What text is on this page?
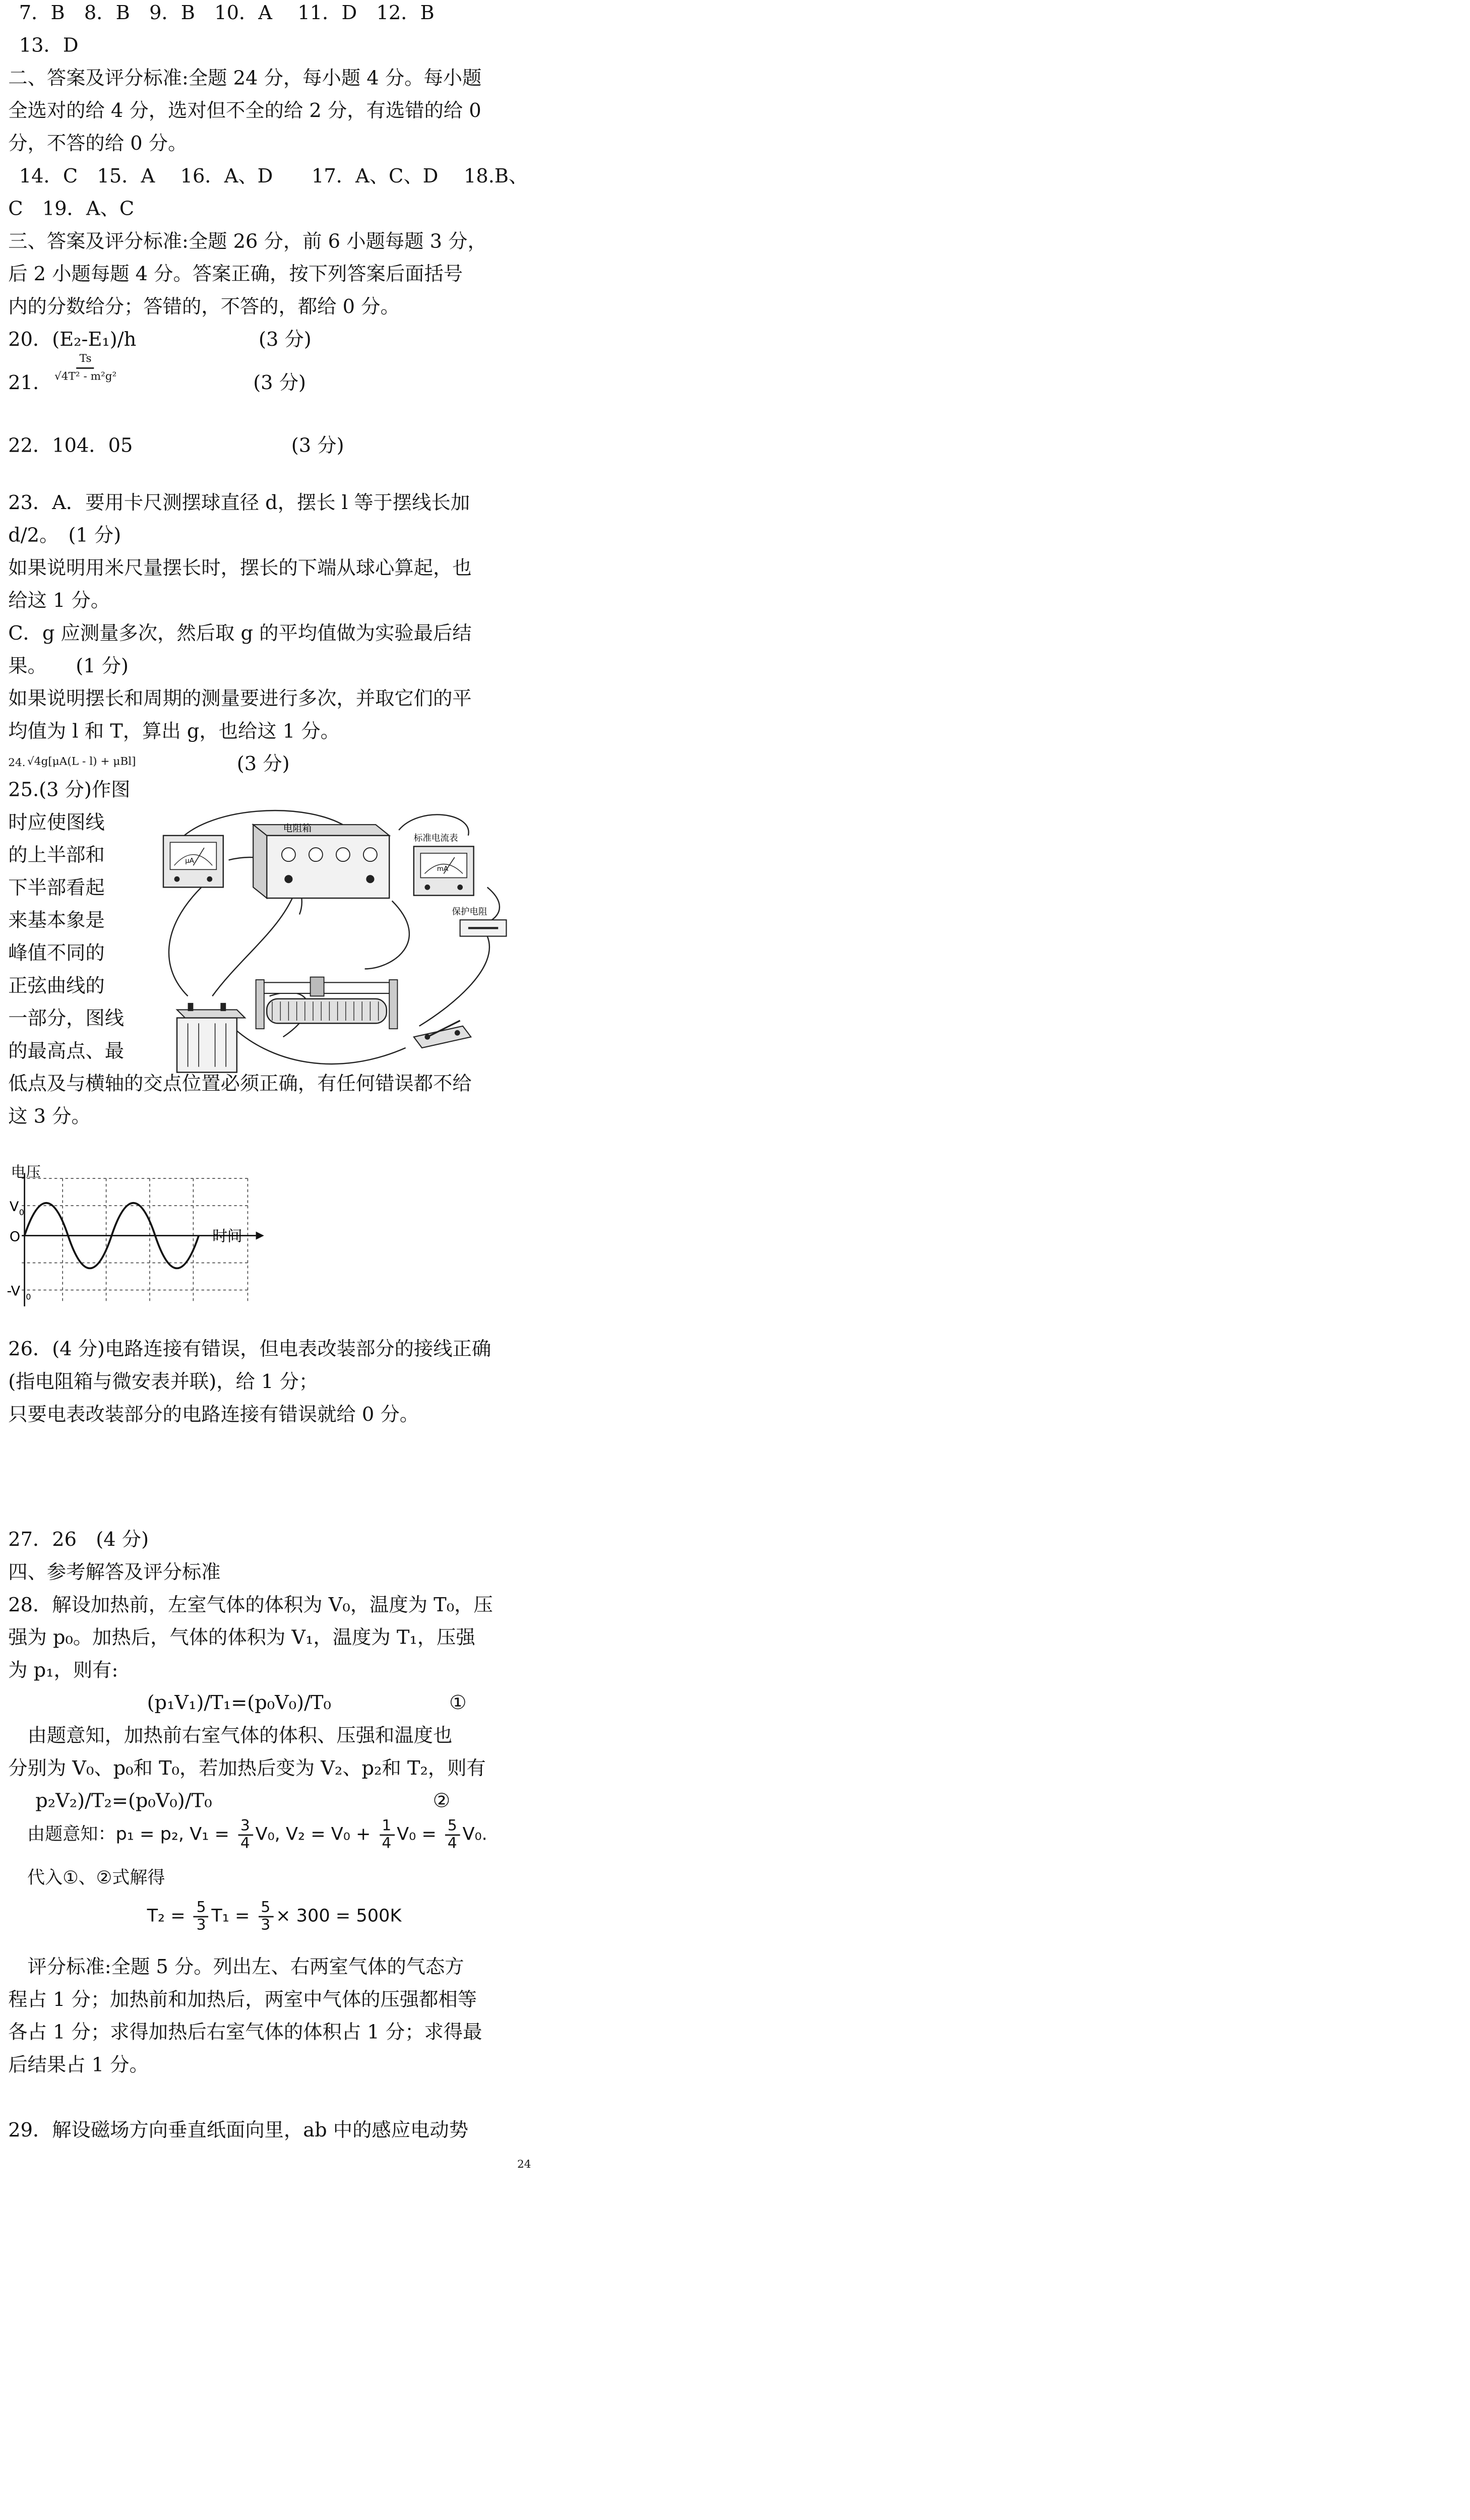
7．B　8．B　9．B　10．A　 11．D　12．B
13．D
二、答案及评分标准:全题 24 分，每小题 4 分。每小题
全选对的给 4 分，选对但不全的给 2 分，有选错的给 0
分，不答的给 0 分。
14．C　15．A　 16．A、D　　17．A、C、D　 18.B、
C　19．A、C
三、答案及评分标准:全题 26 分，前 6 小题每题 3 分，
后 2 小题每题 4 分。答案正确，按下列答案后面括号
内的分数给分；答错的，不答的，都给 0 分。
20．(E₂-E₁)/h	(3 分)
21.	$\frac{Ts}{\text{√4T² - m²g²}}$	(3 分)
22．104．05	(3 分)
23．A．要用卡尺测摆球直径 d，摆长 l 等于摆线长加
d/2。　(1 分)
如果说明用米尺量摆长时，摆长的下端从球心算起，也
给这 1 分。
C．g 应测量多次，然后取 g 的平均值做为实验最后结
果。　　(1 分)
如果说明摆长和周期的测量要进行多次，并取它们的平
均值为 l 和 T，算出 g，也给这 1 分。
24. √4g[μA(L - l) + μBl]	(3 分)
25.(3 分)作图
时应使图线
的上半部和
下半部看起
来基本象是
峰值不同的
正弦曲线的
一部分，图线
的最高点、最
低点及与横轴的交点位置必须正确，有任何错误都不给
这 3 分。
μA
电阻箱
标准电流表
mA
保护电阻
电压
时间
V 0
O
-V 0
26．(4 分)电路连接有错误，但电表改装部分的接线正确
(指电阻箱与微安表并联)，给 1 分；
只要电表改装部分的电路连接有错误就给 0 分。
27．26　(4 分)
四、参考解答及评分标准
28．解设加热前，左室气体的体积为 V₀，温度为 T₀，压
强为 p₀。加热后，气体的体积为 V₁，温度为 T₁，压强
为 p₁，则有:
(p₁V₁)/T₁=(p₀V₀)/T₀	①
　由题意知，加热前右室气体的体积、压强和温度也
分别为 V₀、p₀和 T₀，若加热后变为 V₂、p₂和 T₂，则有
p₂V₂)/T₂=(p₀V₀)/T₀	②
由题意知：p₁ = p₂, $V_1 = \frac{3}{4} V_0$, $V_2 = V_0 + \frac{1}{4} V_0 = \frac{5}{4} V_0$.
代入①、②式解得
$T_2 = \frac{5}{3} T_1 = \frac{5}{3} \times 300 = 500K$
　评分标准:全题 5 分。列出左、右两室气体的气态方
程占 1 分；加热前和加热后，两室中气体的压强都相等
各占 1 分；求得加热后右室气体的体积占 1 分；求得最
后结果占 1 分。
29．解设磁场方向垂直纸面向里，ab 中的感应电动势
24
